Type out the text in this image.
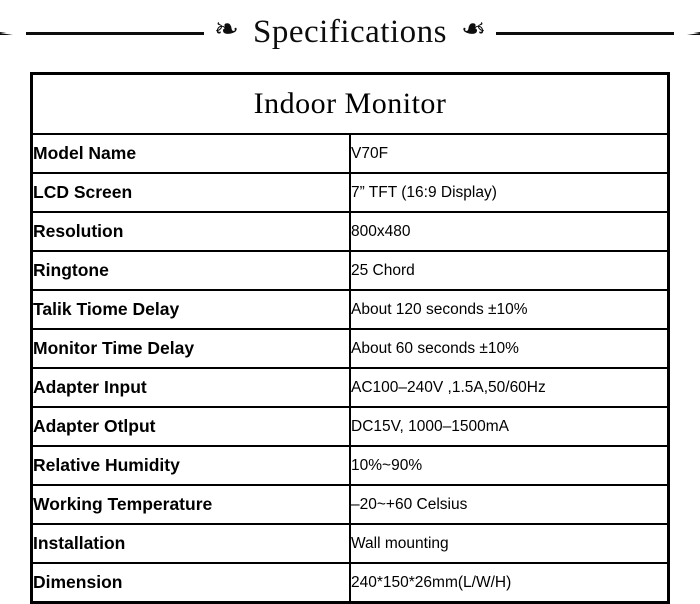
❧ Specifications ❧
Indoor Monitor	
Model Name	V70F
LCD Screen	7” TFT (16:9 Display)
Resolution	800x480
Ringtone	25 Chord
Talik Tiome Delay	About 120 seconds ±10%
Monitor Time Delay	About 60 seconds ±10%
Adapter Input	AC100–240V ,1.5A,50/60Hz
Adapter Otlput	DC15V, 1000–1500mA
Relative Humidity	10%~90%
Working Temperature	–20~+60 Celsius
Installation	Wall mounting
Dimension	240*150*26mm(L/W/H)
